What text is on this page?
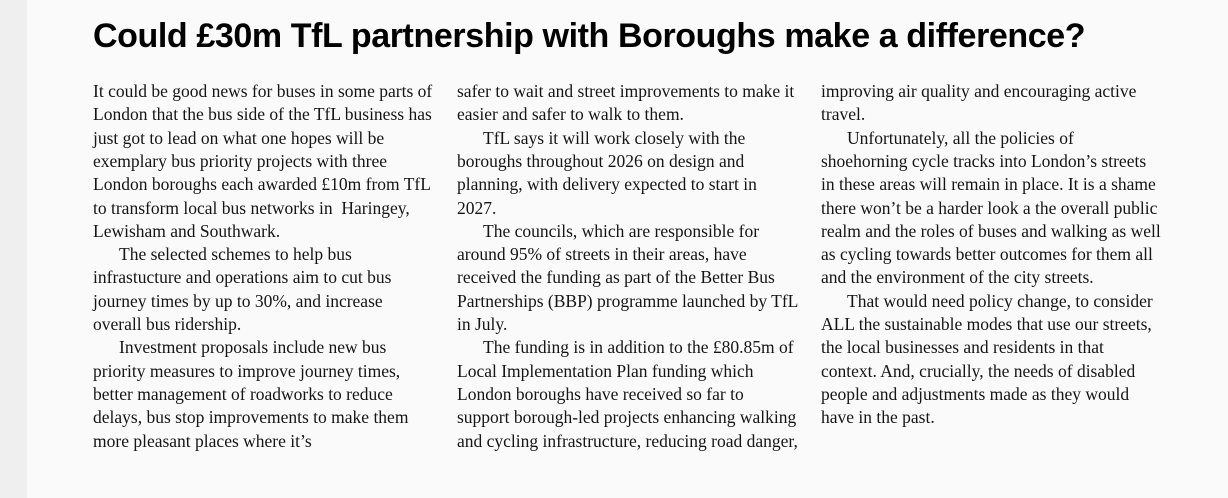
Could £30m TfL partnership with Boroughs make a difference?

It could be good news for buses in some parts of London that the bus side of the TfL business has just got to lead on what one hopes will be exemplary bus priority projects with three London boroughs each awarded £10m from TfL to transform local bus networks in  Haringey, Lewisham and Southwark.

The selected schemes to help bus infrastucture and operations aim to cut bus journey times by up to 30%, and increase overall bus ridership.

Investment proposals include new bus priority measures to improve journey times, better management of roadworks to reduce delays, bus stop improvements to make them more pleasant places where it’s

safer to wait and street improvements to make it easier and safer to walk to them.

TfL says it will work closely with the boroughs throughout 2026 on design and planning, with delivery expected to start in 2027.

The councils, which are responsible for around 95% of streets in their areas, have received the funding as part of the Better Bus Partnerships (BBP) programme launched by TfL in July.

The funding is in addition to the £80.85m of Local Implementation Plan funding which London boroughs have received so far to support borough-led projects enhancing walking and cycling infrastructure, reducing road danger,

improving air quality and encouraging active travel.

Unfortunately, all the policies of shoehorning cycle tracks into London’s streets in these areas will remain in place. It is a shame there won’t be a harder look a the overall public realm and the roles of buses and walking as well as cycling towards better outcomes for them all and the environment of the city streets.

That would need policy change, to consider ALL the sustainable modes that use our streets, the local businesses and residents in that context. And, crucially, the needs of disabled people and adjustments made as they would have in the past.
